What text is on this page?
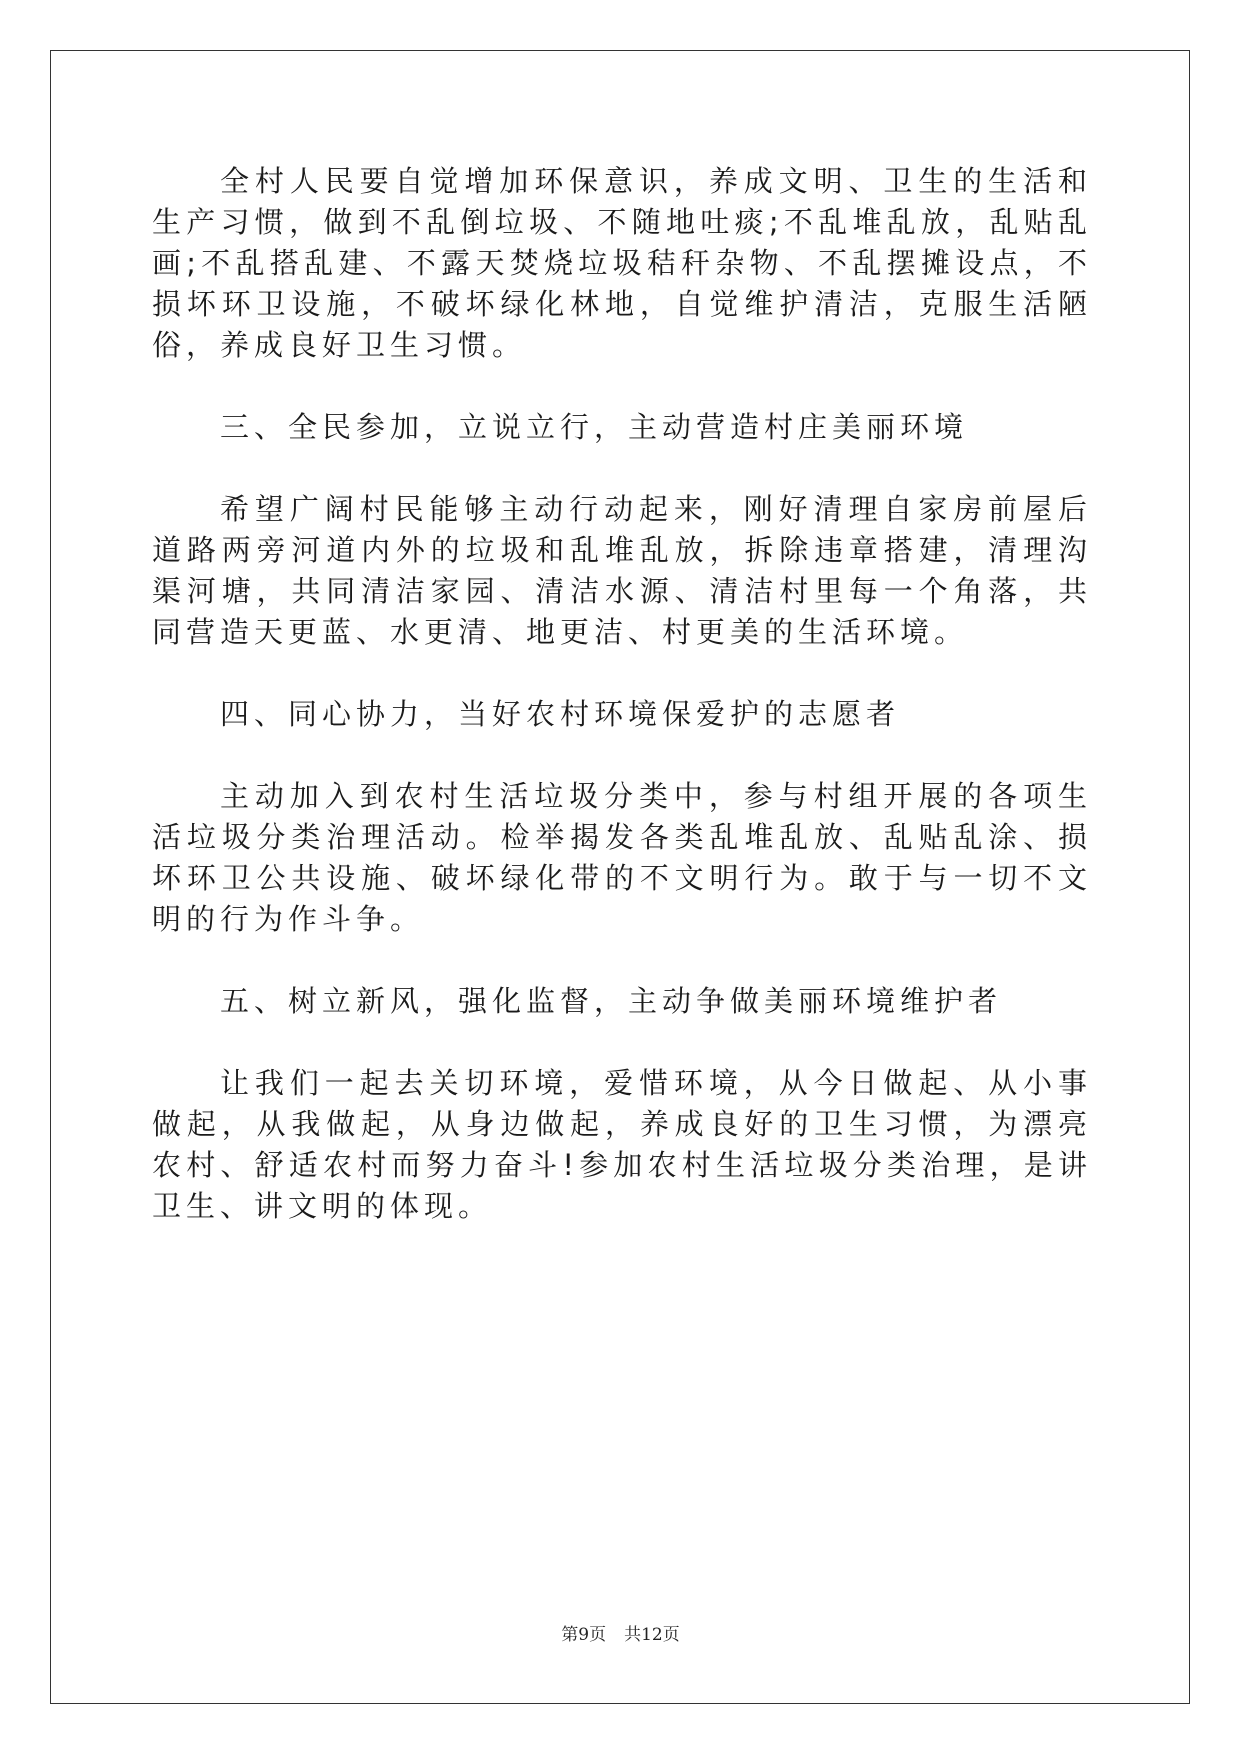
全村人民要自觉增加环保意识，养成文明、卫生的生活和生产习惯，做到不乱倒垃圾、不随地吐痰;不乱堆乱放，乱贴乱画;不乱搭乱建、不露天焚烧垃圾秸秆杂物、不乱摆摊设点，不损坏环卫设施，不破坏绿化林地，自觉维护清洁，克服生活陋俗，养成良好卫生习惯。

三、全民参加，立说立行，主动营造村庄美丽环境

希望广阔村民能够主动行动起来，刚好清理自家房前屋后道路两旁河道内外的垃圾和乱堆乱放，拆除违章搭建，清理沟渠河塘，共同清洁家园、清洁水源、清洁村里每一个角落，共同营造天更蓝、水更清、地更洁、村更美的生活环境。

四、同心协力，当好农村环境保爱护的志愿者

主动加入到农村生活垃圾分类中，参与村组开展的各项生活垃圾分类治理活动。检举揭发各类乱堆乱放、乱贴乱涂、损坏环卫公共设施、破坏绿化带的不文明行为。敢于与一切不文明的行为作斗争。

五、树立新风，强化监督，主动争做美丽环境维护者

让我们一起去关切环境，爱惜环境，从今日做起、从小事做起，从我做起，从身边做起，养成良好的卫生习惯，为漂亮农村、舒适农村而努力奋斗!参加农村生活垃圾分类治理，是讲卫生、讲文明的体现。

第9页 共12页
